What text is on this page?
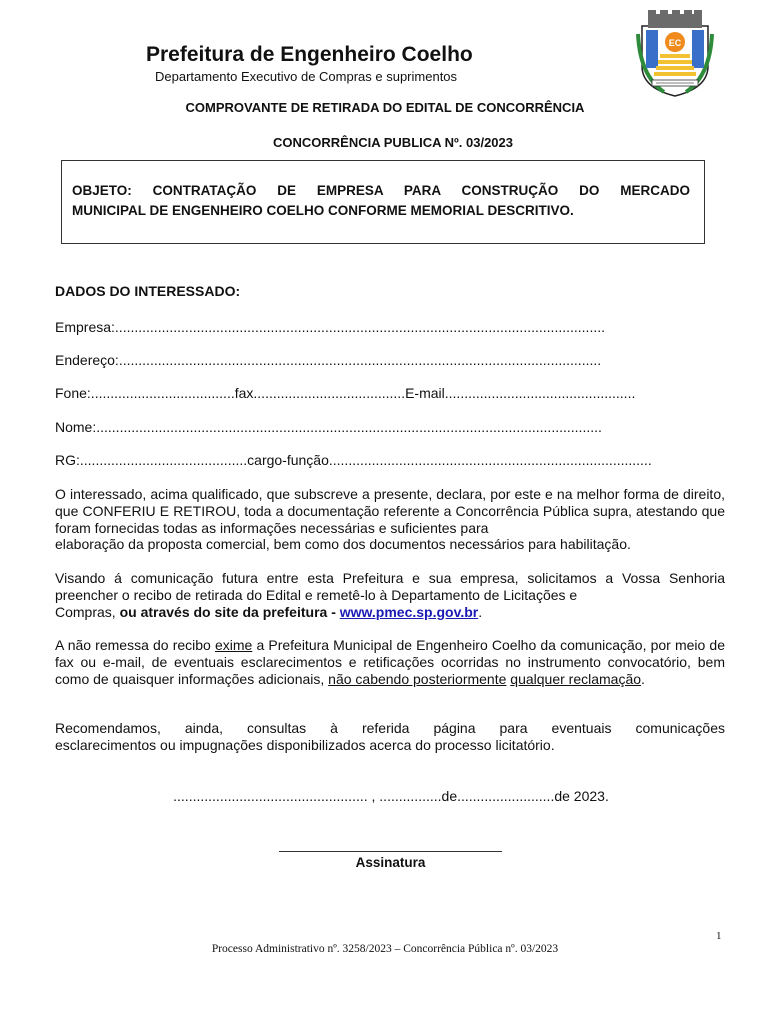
EC
Prefeitura de Engenheiro Coelho
Departamento Executivo de Compras e suprimentos
COMPROVANTE DE RETIRADA DO EDITAL DE CONCORRÊNCIA
CONCORRÊNCIA PUBLICA Nº. 03/2023
OBJETO: CONTRATAÇÃO DE EMPRESA PARA CONSTRUÇÃO DO MERCADO
MUNICIPAL DE ENGENHEIRO COELHO CONFORME MEMORIAL DESCRITIVO.
DADOS DO INTERESSADO:
Empresa:..............................................................................................................................
Endereço:............................................................................................................................
Fone:.....................................fax.......................................E-mail.................................................
Nome:..................................................................................................................................
RG:...........................................cargo-função...................................................................................
O interessado, acima qualificado, que subscreve a presente, declara, por este e na melhor forma de direito, que CONFERIU E RETIROU, toda a documentação referente a Concorrência Pública supra, atestando que foram fornecidas todas as informações necessárias e suficientes para
elaboração da proposta comercial, bem como dos documentos necessários para habilitação.
Visando á comunicação futura entre esta Prefeitura e sua empresa, solicitamos a Vossa Senhoria preencher o recibo de retirada do Edital e remetê-lo à Departamento de Licitações e
Compras, ou através do site da prefeitura - www.pmec.sp.gov.br.
A não remessa do recibo exime a Prefeitura Municipal de Engenheiro Coelho da comunicação, por meio de fax ou e-mail, de eventuais esclarecimentos e retificações ocorridas no instrumento convocatório, bem como de quaisquer informações adicionais, não cabendo posteriormente qualquer reclamação.
Recomendamos, ainda, consultas à referida página para eventuais comunicações
esclarecimentos ou impugnações disponibilizados acerca do processo licitatório.
.................................................. , ................de.........................de 2023.
Assinatura
1
Processo Administrativo nº. 3258/2023 – Concorrência Pública nº. 03/2023
